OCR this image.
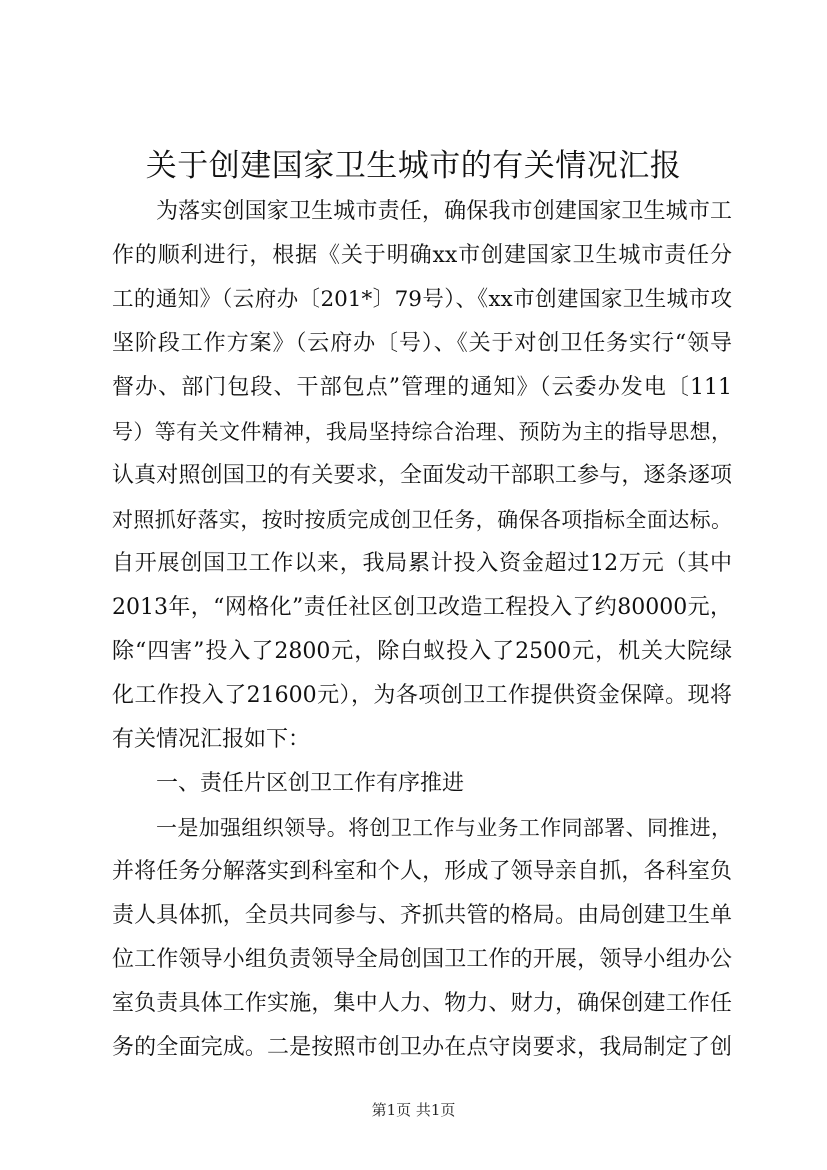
关于创建国家卫生城市的有关情况汇报
为落实创国家卫生城市责任，确保我市创建国家卫生城市工
作的顺利进行，根据《关于明确xx市创建国家卫生城市责任分
工的通知》（云府办〔201*〕79号）、《xx市创建国家卫生城市攻
坚阶段工作方案》（云府办〔号）、《关于对创卫任务实行“领导
督办、部门包段、干部包点”管理的通知》（云委办发电〔111
号）等有关文件精神，我局坚持综合治理、预防为主的指导思想，
认真对照创国卫的有关要求，全面发动干部职工参与，逐条逐项
对照抓好落实，按时按质完成创卫任务，确保各项指标全面达标。
自开展创国卫工作以来，我局累计投入资金超过12万元（其中
2013年，“网格化”责任社区创卫改造工程投入了约80000元，
除“四害”投入了2800元，除白蚁投入了2500元，机关大院绿
化工作投入了21600元），为各项创卫工作提供资金保障。现将
有关情况汇报如下：
一、责任片区创卫工作有序推进
一是加强组织领导。将创卫工作与业务工作同部署、同推进，
并将任务分解落实到科室和个人，形成了领导亲自抓，各科室负
责人具体抓，全员共同参与、齐抓共管的格局。由局创建卫生单
位工作领导小组负责领导全局创国卫工作的开展，领导小组办公
室负责具体工作实施，集中人力、物力、财力，确保创建工作任
务的全面完成。二是按照市创卫办在点守岗要求，我局制定了创
第1页 共1页
